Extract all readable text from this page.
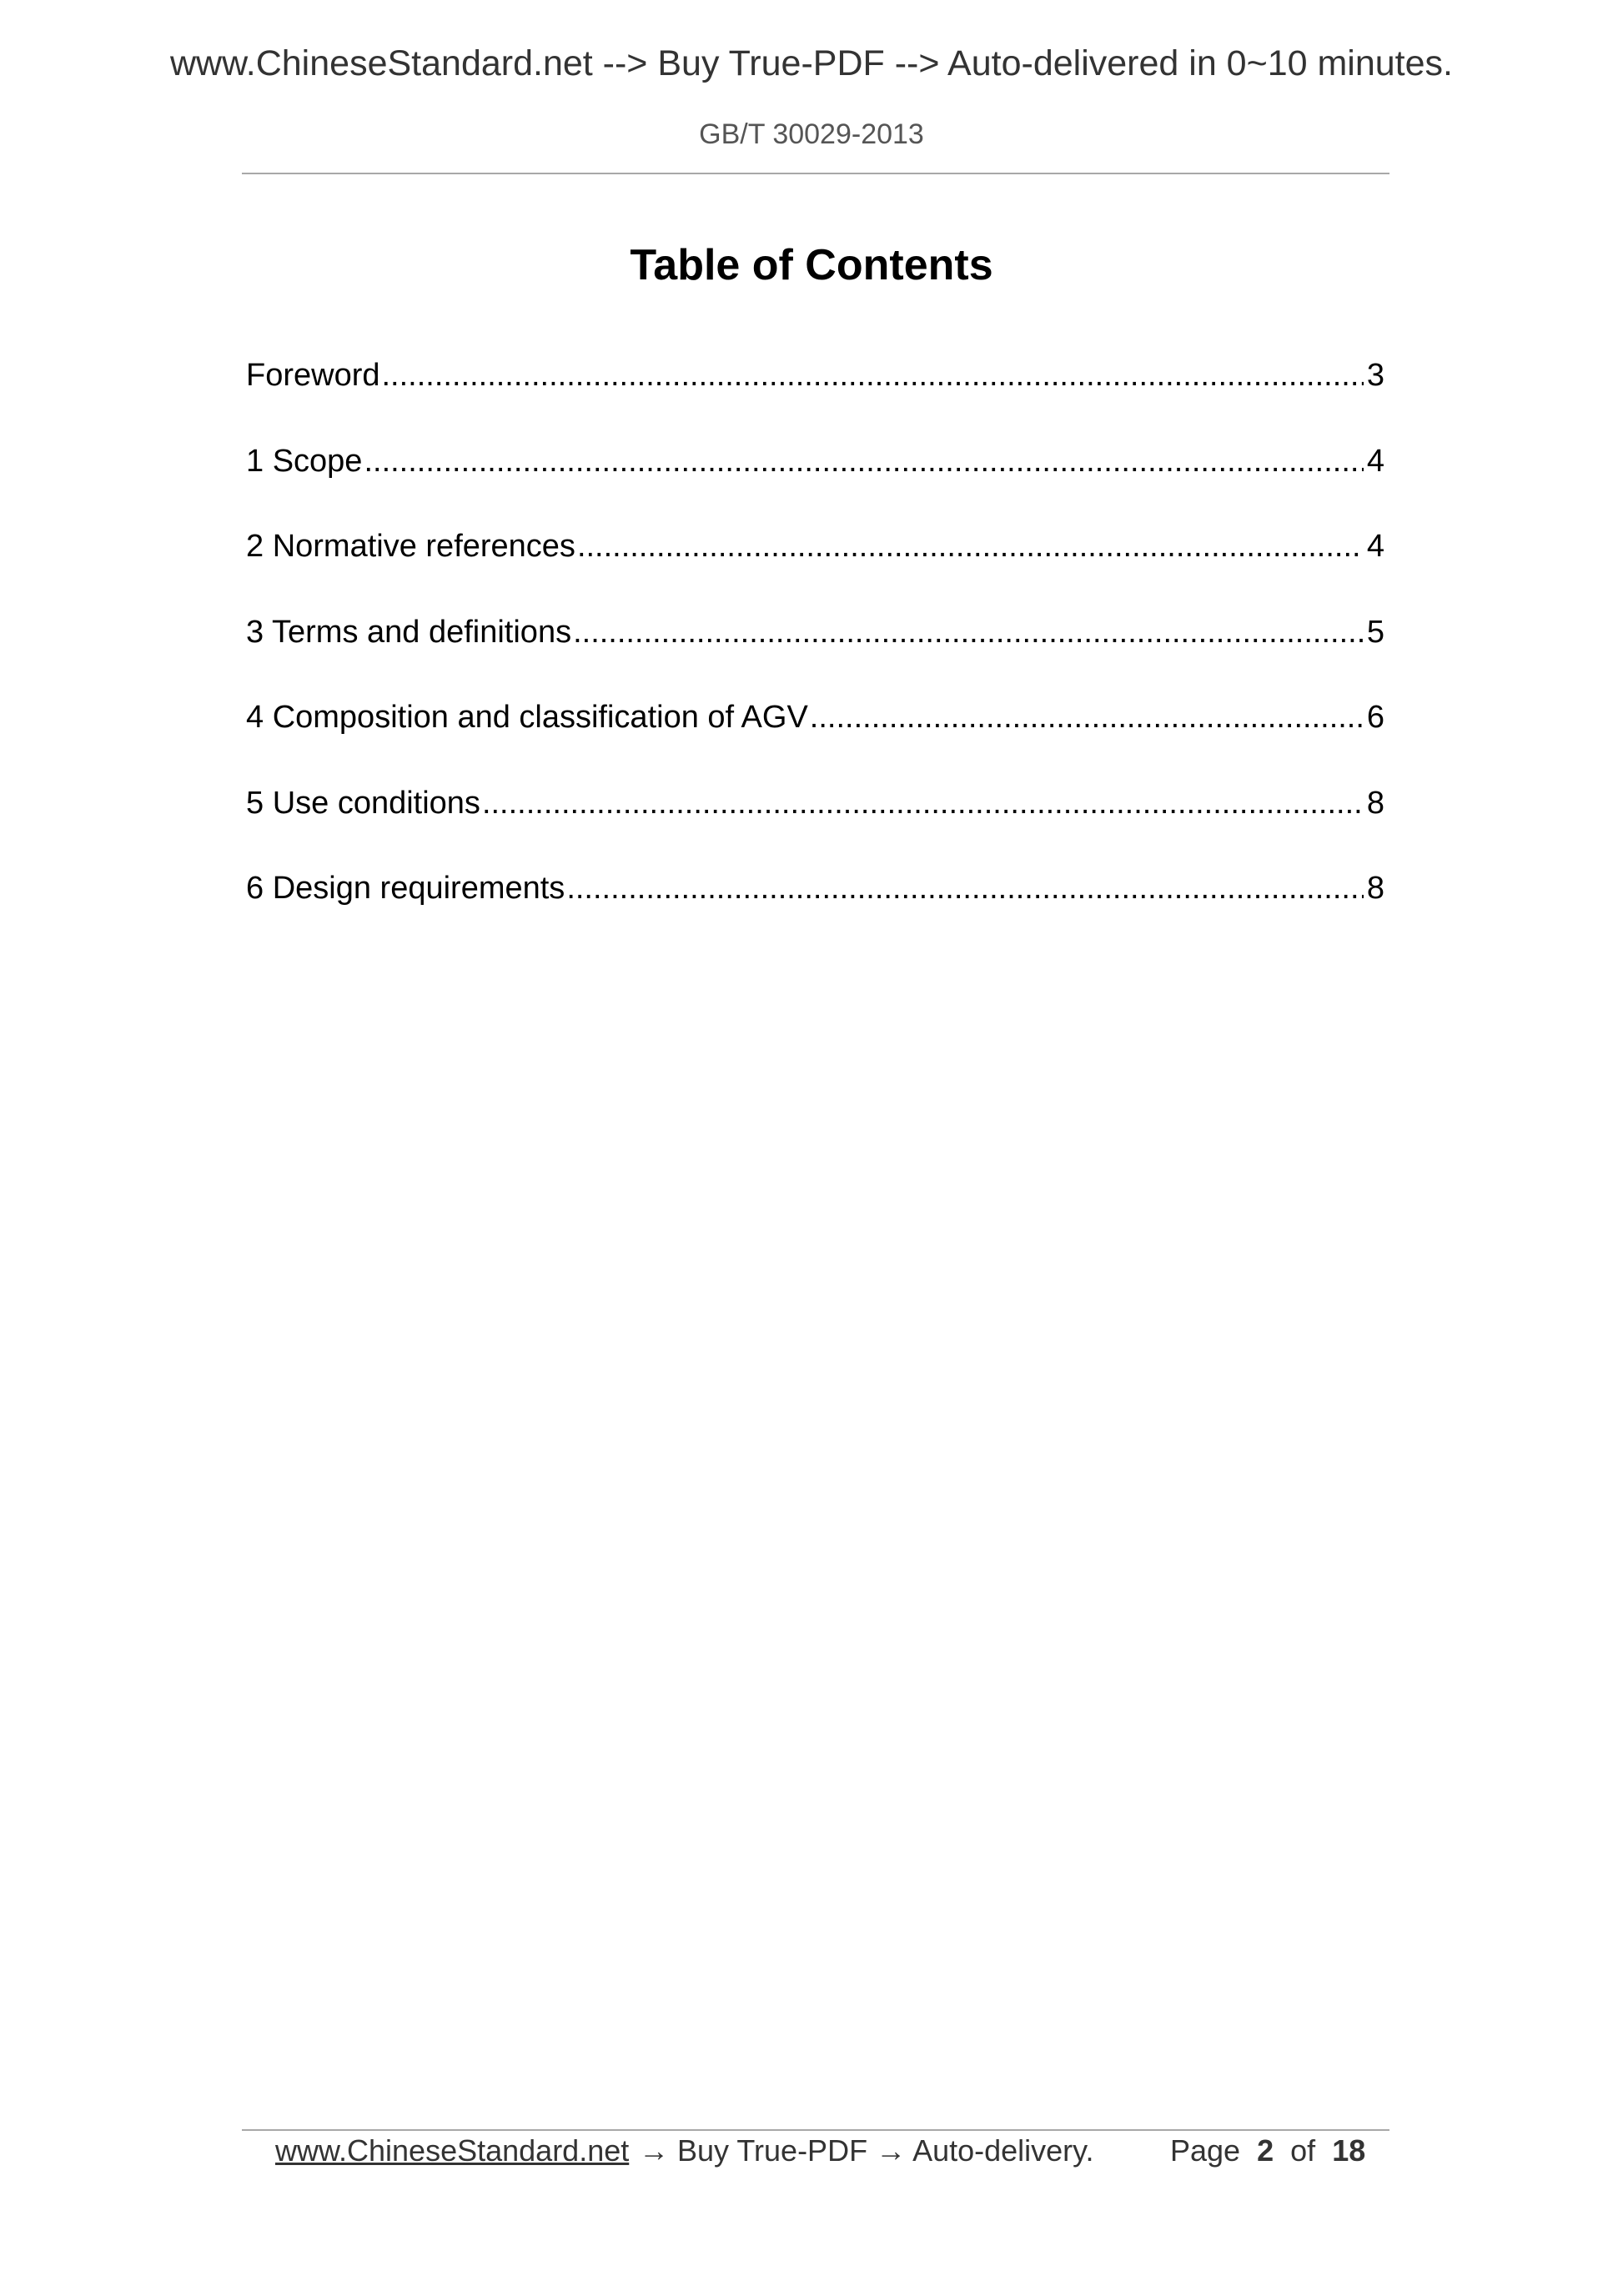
www.ChineseStandard.net --> Buy True-PDF --> Auto-delivered in 0~10 minutes.
GB/T 30029-2013
Table of Contents
Foreword .....	3
1 Scope .....	4
2 Normative references .....	4
3 Terms and definitions .....	5
4 Composition and classification of AGV .....	6
5 Use conditions .....	8
6 Design requirements .....	8
www.ChineseStandard.net → Buy True-PDF → Auto-delivery.	Page 2 of 18
